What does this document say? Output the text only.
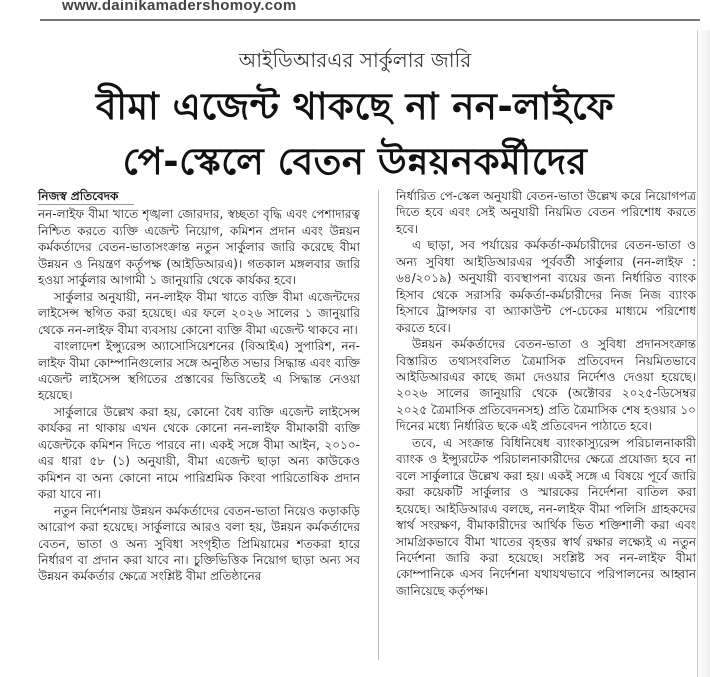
www.dainikamadershomoy.com
আইডিআরএর সার্কুলার জারি
বীমা এজেন্ট থাকছে না নন-লাইফে
পে-স্কেলে বেতন উন্নয়নকর্মীদের
নিজস্ব প্রতিবেদক

নন-লাইফ বীমা খাতে শৃঙ্খলা জোরদার, স্বচ্ছতা বৃদ্ধি এবং পেশাদারত্ব নিশ্চিত করতে ব্যক্তি এজেন্ট নিয়োগ, কমিশন প্রদান এবং উন্নয়ন কর্মকর্তাদের বেতন-ভাতাসংক্রান্ত নতুন সার্কুলার জারি করেছে বীমা উন্নয়ন ও নিয়ন্ত্রণ কর্তৃপক্ষ (আইডিআরএ)। গতকাল মঙ্গলবার জারি হওয়া সার্কুলার আগামী ১ জানুয়ারি থেকে কার্যকর হবে।

সার্কুলার অনুযায়ী, নন-লাইফ বীমা খাতে ব্যক্তি বীমা এজেন্টদের লাইসেন্স স্থগিত করা হয়েছে। এর ফলে ২০২৬ সালের ১ জানুয়ারি থেকে নন-লাইফ বীমা ব্যবসায় কোনো ব্যক্তি বীমা এজেন্ট থাকবে না।

বাংলাদেশ ইন্স্যুরেন্স অ্যাসোসিয়েশনের (বিআইএ) সুপারিশ, নন-লাইফ বীমা কোম্পানিগুলোর সঙ্গে অনুষ্ঠিত সভার সিদ্ধান্ত এবং ব্যক্তি এজেন্ট লাইসেন্স স্থগিতের প্রস্তাবের ভিত্তিতেই এ সিদ্ধান্ত নেওয়া হয়েছে।

সার্কুলারে উল্লেখ করা হয়, কোনো বৈধ ব্যক্তি এজেন্ট লাইসেন্স কার্যকর না থাকায় এখন থেকে কোনো নন-লাইফ বীমাকারী ব্যক্তি এজেন্টকে কমিশন দিতে পারবে না। একই সঙ্গে বীমা আইন, ২০১০-এর ধারা ৫৮ (১) অনুযায়ী, বীমা এজেন্ট ছাড়া অন্য কাউকেও কমিশন বা অন্য কোনো নামে পারিশ্রমিক কিংবা পারিতোষিক প্রদান করা যাবে না।

নতুন নির্দেশনায় উন্নয়ন কর্মকর্তাদের বেতন-ভাতা নিয়েও কড়াকড়ি আরোপ করা হয়েছে। সার্কুলারে আরও বলা হয়, উন্নয়ন কর্মকর্তাদের বেতন, ভাতা ও অন্য সুবিধা সংগৃহীত প্রিমিয়ামের শতকরা হারে নির্ধারণ বা প্রদান করা যাবে না। চুক্তিভিত্তিক নিয়োগ ছাড়া অন্য সব উন্নয়ন কর্মকর্তার ক্ষেত্রে সংশ্লিষ্ট বীমা প্রতিষ্ঠানের

নির্ধারিত পে-স্কেল অনুযায়ী বেতন-ভাতা উল্লেখ করে নিয়োগপত্র দিতে হবে এবং সেই অনুযায়ী নিয়মিত বেতন পরিশোধ করতে হবে।

এ ছাড়া, সব পর্যায়ের কর্মকর্তা-কর্মচারীদের বেতন-ভাতা ও অন্য সুবিধা আইডিআরএর পূর্ববর্তী সার্কুলার (নন-লাইফ : ৬৪/২০১৯) অনুযায়ী ব্যবস্থাপনা ব্যয়ের জন্য নির্ধারিত ব্যাংক হিসাব থেকে সরাসরি কর্মকর্তা-কর্মচারীদের নিজ নিজ ব্যাংক হিসাবে ট্রান্সফার বা অ্যাকাউন্ট পে-চেকের মাধ্যমে পরিশোধ করতে হবে।

উন্নয়ন কর্মকর্তাদের বেতন-ভাতা ও সুবিধা প্রদানসংক্রান্ত বিস্তারিত তথ্যসংবলিত ত্রৈমাসিক প্রতিবেদন নিয়মিতভাবে আইডিআরএর কাছে জমা দেওয়ার নির্দেশও দেওয়া হয়েছে। ২০২৬ সালের জানুয়ারি থেকে (অক্টোবর ২০২৫-ডিসেম্বর ২০২৫ ত্রৈমাসিক প্রতিবেদনসহ) প্রতি ত্রৈমাসিক শেষ হওয়ার ১০ দিনের মধ্যে নির্ধারিত ছকে এই প্রতিবেদন পাঠাতে হবে।

তবে, এ সংক্রান্ত বিধিনিষেধ ব্যাংকাস্যুরেন্স পরিচালনাকারী ব্যাংক ও ইন্স্যুরটেক পরিচালনাকারীদের ক্ষেত্রে প্রযোজ্য হবে না বলে সার্কুলারে উল্লেখ করা হয়। একই সঙ্গে এ বিষয়ে পূর্বে জারি করা কয়েকটি সার্কুলার ও স্মারকের নির্দেশনা বাতিল করা হয়েছে। আইডিআরএ বলছে, নন-লাইফ বীমা পলিসি গ্রাহকদের স্বার্থ সংরক্ষণ, বীমাকারীদের আর্থিক ভিত শক্তিশালী করা এবং সামগ্রিকভাবে বীমা খাতের বৃহত্তর স্বার্থ রক্ষার লক্ষ্যেই এ নতুন নির্দেশনা জারি করা হয়েছে। সংশ্লিষ্ট সব নন-লাইফ বীমা কোম্পানিকে এসব নির্দেশনা যথাযথভাবে পরিপালনের আহ্বান জানিয়েছে কর্তৃপক্ষ।
